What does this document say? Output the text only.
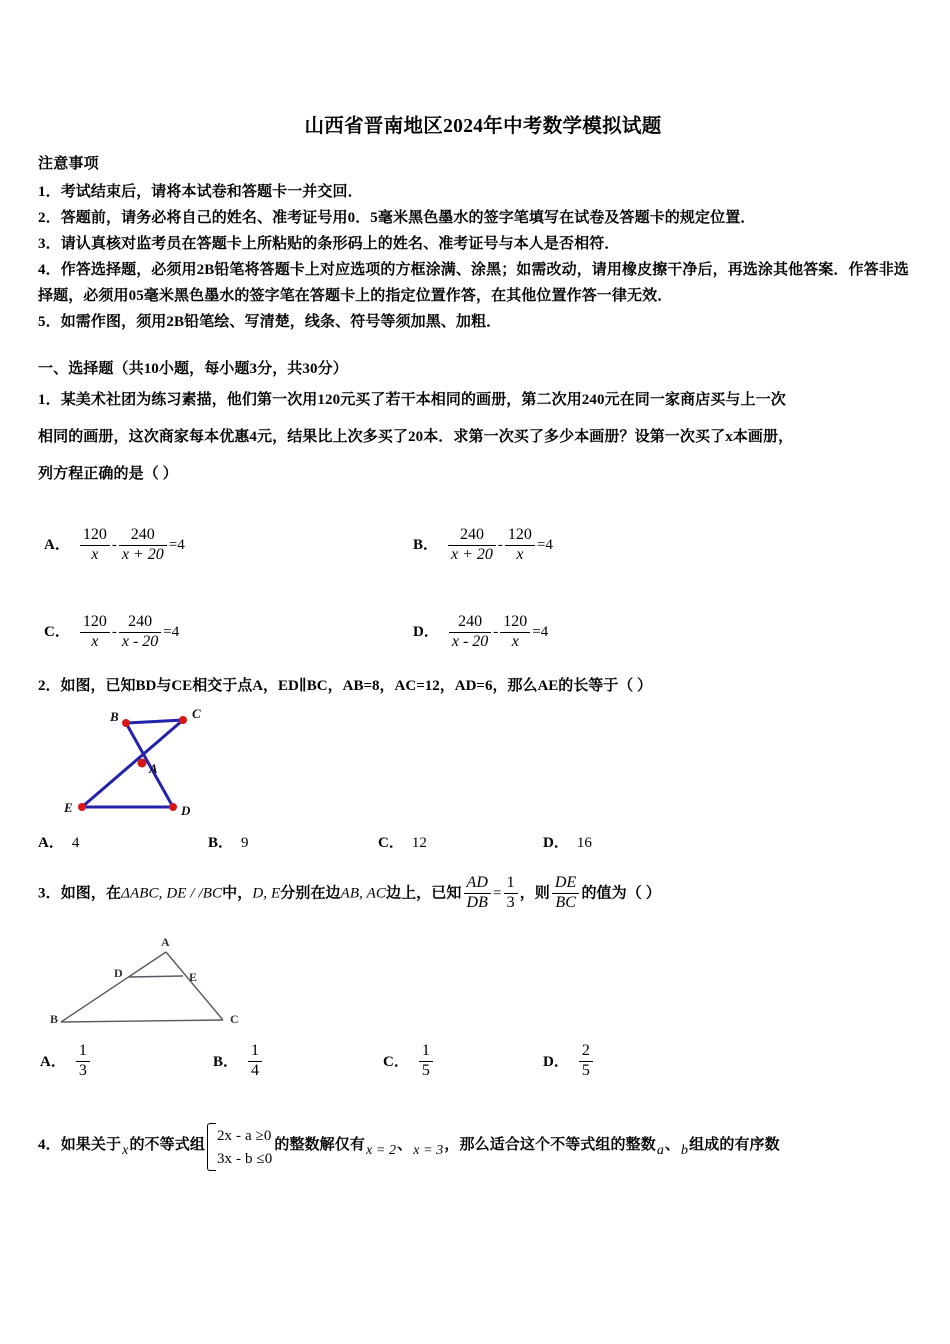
山西省晋南地区2024年中考数学模拟试题
注意事项
1．考试结束后，请将本试卷和答题卡一并交回．
2．答题前，请务必将自己的姓名、准考证号用0．5毫米黑色墨水的签字笔填写在试卷及答题卡的规定位置．
3．请认真核对监考员在答题卡上所粘贴的条形码上的姓名、准考证号与本人是否相符．
4．作答选择题，必须用2B铅笔将答题卡上对应选项的方框涂满、涂黑；如需改动，请用橡皮擦干净后，再选涂其他答案．作答非选择题，必须用05毫米黑色墨水的签字笔在答题卡上的指定位置作答，在其他位置作答一律无效．
5．如需作图，须用2B铅笔绘、写清楚，线条、符号等须加黑、加粗．
一、选择题（共10小题，每小题3分，共30分）
1．某美术社团为练习素描，他们第一次用120元买了若干本相同的画册，第二次用240元在同一家商店买与上一次
相同的画册，这次商家每本优惠4元，结果比上次多买了20本．求第一次买了多少本画册？设第一次买了x本画册，
列方程正确的是（ ）
A． $\frac{120}{x} - \frac{240}{x + 20} =4$	B． $\frac{240}{x + 20} - \frac{120}{x} =4$
C． $\frac{120}{x} - \frac{240}{x - 20} =4$	D． $\frac{240}{x - 20} - \frac{120}{x} =4$
2．如图，已知BD与CE相交于点A，ED∥BC，AB=8，AC=12，AD=6，那么AE的长等于（ ）
B	C
A
E	D
A． 4	B． 9	C． 12	D． 16
3．如图，在ΔABC, DE / /BC中，D, E分别在边AB, AC边上，已知 $\frac{AD}{DB} = \frac{1}{3}$ ，则 $\frac{DE}{BC}$ 的值为（ ）
A
D	E
B	C
A． $\frac{1}{3}$	B． $\frac{1}{4}$	C． $\frac{1}{5}$	D． $\frac{2}{5}$
4．如果关于x的不等式组
2x - a ≥0
3x - b ≤0
的整数解仅有x = 2、x = 3，那么适合这个不等式组的整数a、b组成的有序数
